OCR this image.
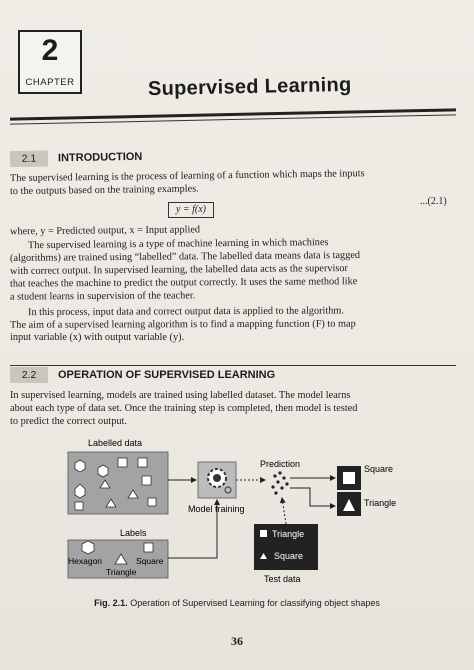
2
CHAPTER	Supervised Learning
2.1 INTRODUCTION
The supervised learning is the process of learning of a function which maps the inputs
to the outputs based on the training examples.
y = f(x)
...(2.1)
where, y = Predicted output, x = Input applied
The supervised learning is a type of machine learning in which machines
(algorithms) are trained using “labelled” data. The labelled data means data is tagged
with correct output. In supervised learning, the labelled data acts as the supervisor
that teaches the machine to predict the output correctly. It uses the same method like
a student learns in supervision of the teacher.
In this process, input data and correct output data is applied to the algorithm.
The aim of a supervised learning algorithm is to find a mapping function (F) to map
input variable (x) with output variable (y).
2.2 OPERATION OF SUPERVISED LEARNING
In supervised learning, models are trained using labelled dataset. The model learns
about each type of data set. Once the training step is completed, then model is tested
to predict the correct output.
Labelled data
Model training
Prediction	Square
Triangle
Labels
Hexagon	Square
Triangle
Triangle
Square
Test data
Fig. 2.1. Operation of Supervised Learning for classifying object shapes
36
